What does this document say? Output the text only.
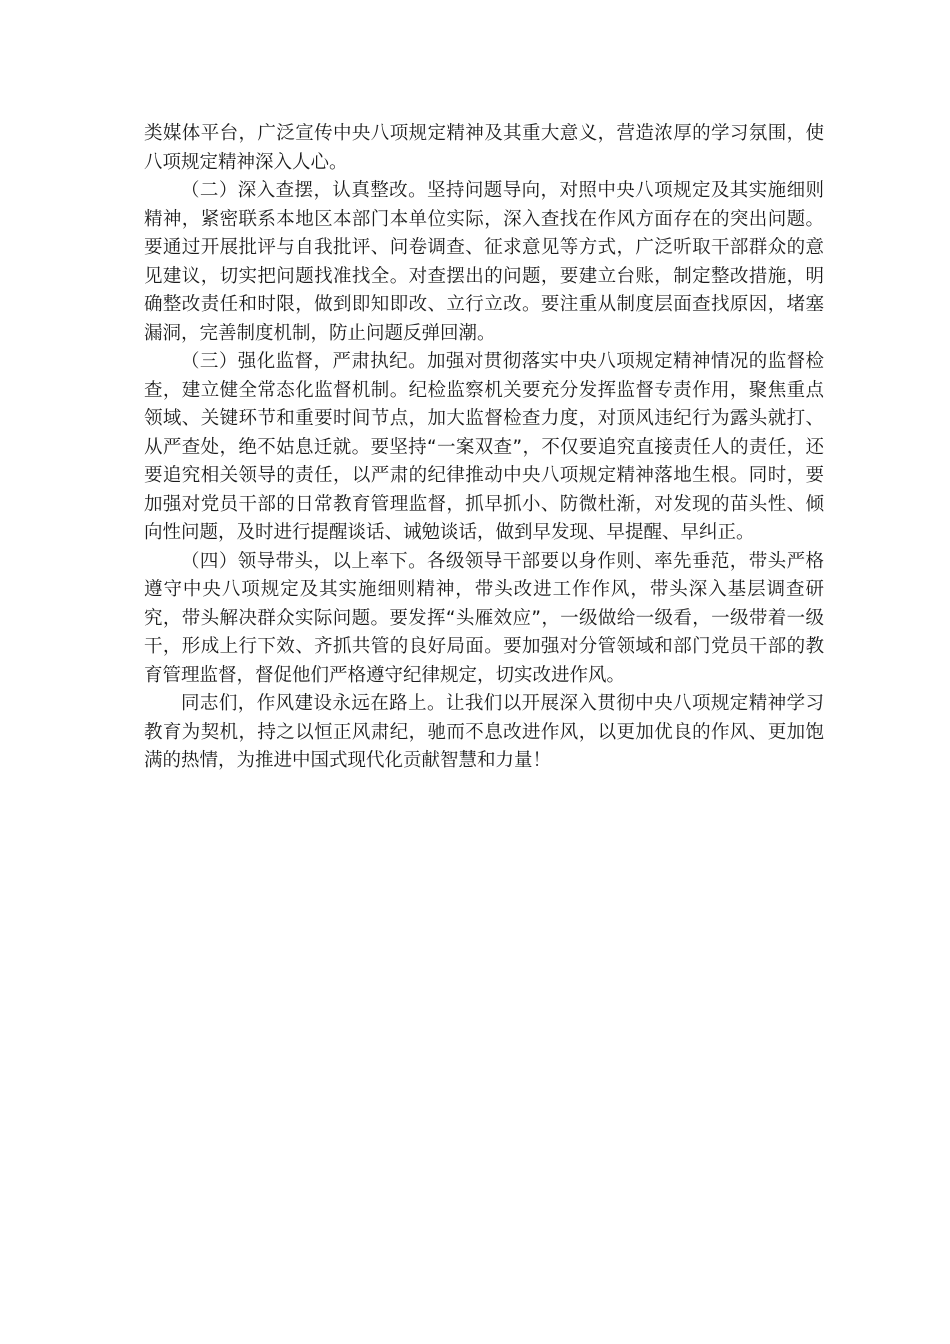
类媒体平台，广泛宣传中央八项规定精神及其重大意义，营造浓厚的学习氛围，使八项规定精神深入人心。

（二）深入查摆，认真整改。坚持问题导向，对照中央八项规定及其实施细则精神，紧密联系本地区本部门本单位实际，深入查找在作风方面存在的突出问题。要通过开展批评与自我批评、问卷调查、征求意见等方式，广泛听取干部群众的意见建议，切实把问题找准找全。对查摆出的问题，要建立台账，制定整改措施，明确整改责任和时限，做到即知即改、立行立改。要注重从制度层面查找原因，堵塞漏洞，完善制度机制，防止问题反弹回潮。

（三）强化监督，严肃执纪。加强对贯彻落实中央八项规定精神情况的监督检查，建立健全常态化监督机制。纪检监察机关要充分发挥监督专责作用，聚焦重点领域、关键环节和重要时间节点，加大监督检查力度，对顶风违纪行为露头就打、从严查处，绝不姑息迁就。要坚持“一案双查”，不仅要追究直接责任人的责任，还要追究相关领导的责任，以严肃的纪律推动中央八项规定精神落地生根。同时，要加强对党员干部的日常教育管理监督，抓早抓小、防微杜渐，对发现的苗头性、倾向性问题，及时进行提醒谈话、诫勉谈话，做到早发现、早提醒、早纠正。

（四）领导带头，以上率下。各级领导干部要以身作则、率先垂范，带头严格遵守中央八项规定及其实施细则精神，带头改进工作作风，带头深入基层调查研究，带头解决群众实际问题。要发挥“头雁效应”，一级做给一级看，一级带着一级干，形成上行下效、齐抓共管的良好局面。要加强对分管领域和部门党员干部的教育管理监督，督促他们严格遵守纪律规定，切实改进作风。

同志们，作风建设永远在路上。让我们以开展深入贯彻中央八项规定精神学习教育为契机，持之以恒正风肃纪，驰而不息改进作风，以更加优良的作风、更加饱满的热情，为推进中国式现代化贡献智慧和力量！
